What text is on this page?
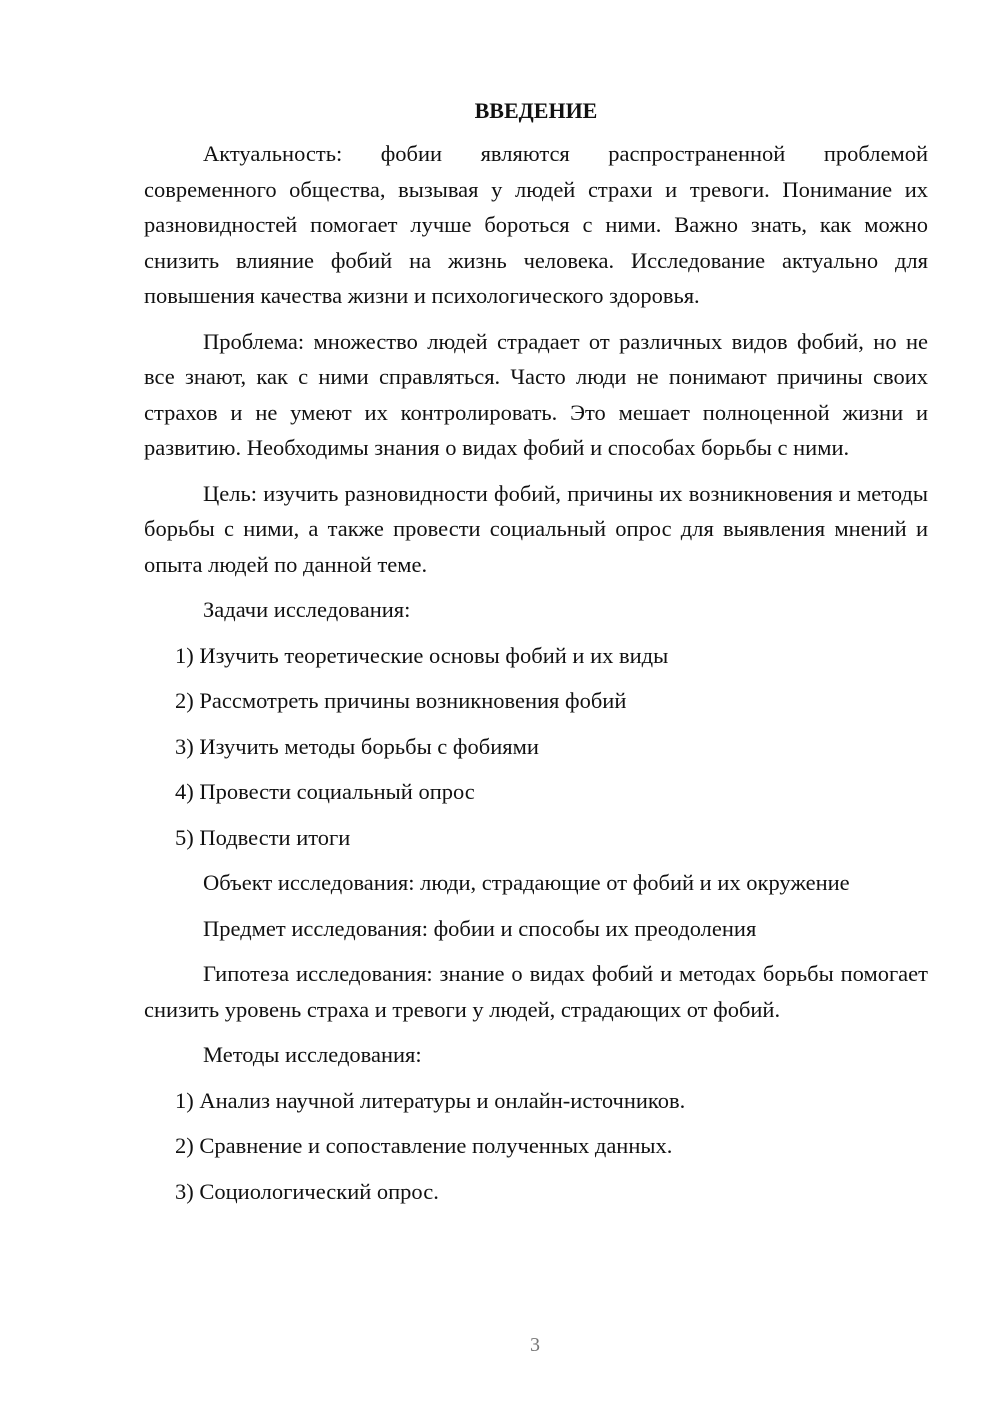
ВВЕДЕНИЕ
Актуальность: фобии являются распространенной проблемой современного общества, вызывая у людей страхи и тревоги. Понимание их разновидностей помогает лучше бороться с ними. Важно знать, как можно снизить влияние фобий на жизнь человека. Исследование актуально для повышения качества жизни и психологического здоровья.
Проблема: множество людей страдает от различных видов фобий, но не все знают, как с ними справляться. Часто люди не понимают причины своих страхов и не умеют их контролировать. Это мешает полноценной жизни и развитию. Необходимы знания о видах фобий и способах борьбы с ними.
Цель: изучить разновидности фобий, причины их возникновения и методы борьбы с ними, а также провести социальный опрос для выявления мнений и опыта людей по данной теме.
Задачи исследования:
1) Изучить теоретические основы фобий и их виды
2) Рассмотреть причины возникновения фобий
3) Изучить методы борьбы с фобиями
4) Провести социальный опрос
5) Подвести итоги
Объект исследования: люди, страдающие от фобий и их окружение
Предмет исследования: фобии и способы их преодоления
Гипотеза исследования: знание о видах фобий и методах борьбы помогает снизить уровень страха и тревоги у людей, страдающих от фобий.
Методы исследования:
1) Анализ научной литературы и онлайн-источников.
2) Сравнение и сопоставление полученных данных.
3) Социологический опрос.
3
